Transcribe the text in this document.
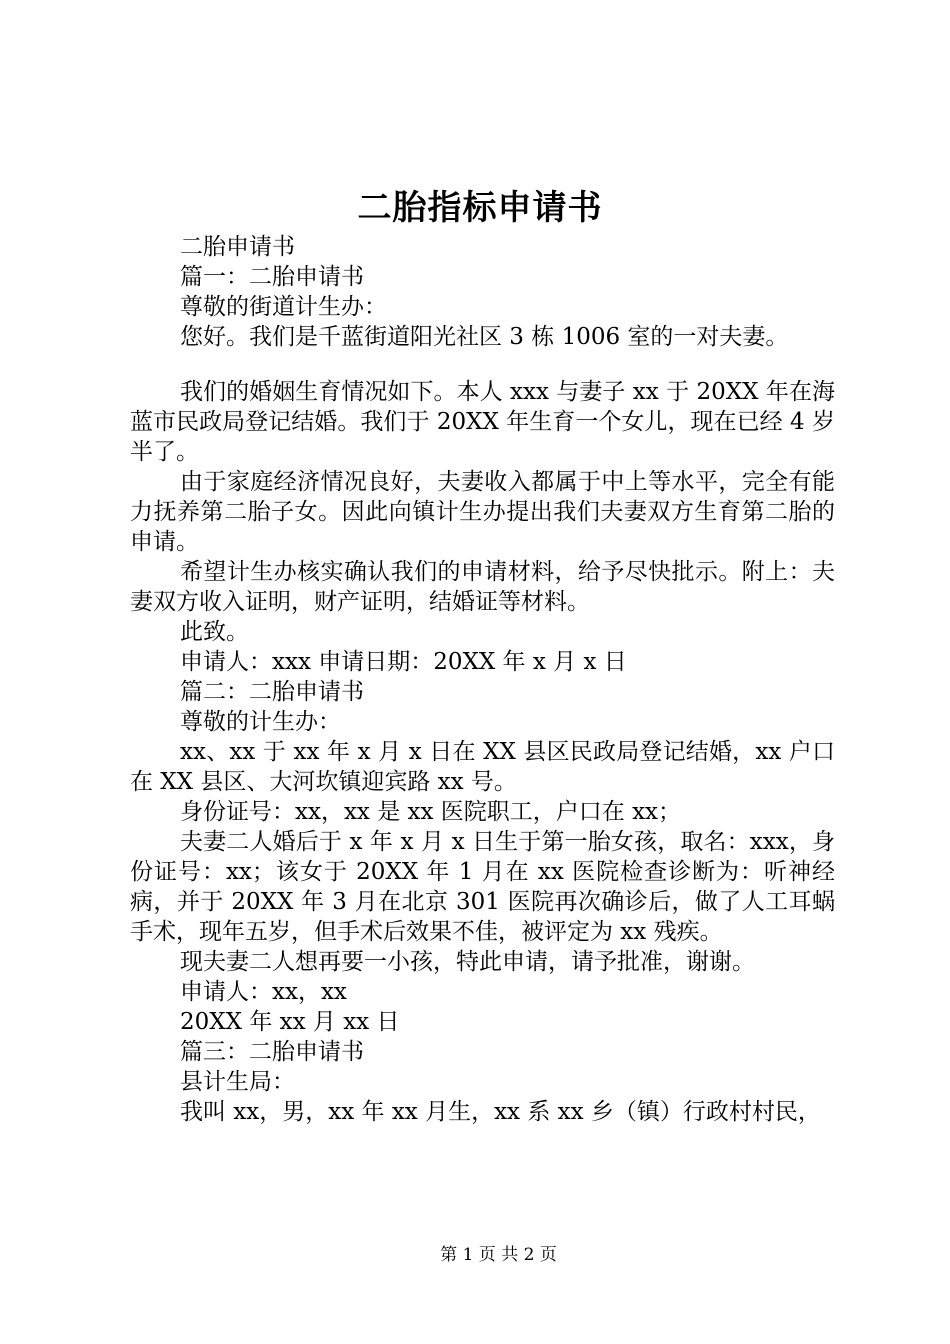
二胎指标申请书
二胎申请书
篇一：二胎申请书
尊敬的街道计生办：
您好。我们是千蓝街道阳光社区 3 栋 1006 室的一对夫妻。
我们的婚姻生育情况如下。本人 xxx 与妻子 xx 于 20XX 年在海蓝市民政局登记结婚。我们于 20XX 年生育一个女儿，现在已经 4 岁半了。
由于家庭经济情况良好，夫妻收入都属于中上等水平，完全有能力抚养第二胎子女。因此向镇计生办提出我们夫妻双方生育第二胎的申请。
希望计生办核实确认我们的申请材料，给予尽快批示。附上：夫妻双方收入证明，财产证明，结婚证等材料。
此致。
申请人：xxx 申请日期：20XX 年 x 月 x 日
篇二：二胎申请书
尊敬的计生办：
xx、xx 于 xx 年 x 月 x 日在 XX 县区民政局登记结婚，xx 户口在 XX 县区、大河坎镇迎宾路 xx 号。
身份证号：xx，xx 是 xx 医院职工，户口在 xx；
夫妻二人婚后于 x 年 x 月 x 日生于第一胎女孩，取名：xxx，身份证号：xx；该女于 20XX 年 1 月在 xx 医院检查诊断为：听神经病，并于 20XX 年 3 月在北京 301 医院再次确诊后，做了人工耳蜗手术，现年五岁，但手术后效果不佳，被评定为 xx 残疾。
现夫妻二人想再要一小孩，特此申请，请予批准，谢谢。
申请人：xx，xx
20XX 年 xx 月 xx 日
篇三：二胎申请书
县计生局：
我叫 xx，男，xx 年 xx 月生，xx 系 xx 乡（镇）行政村村民，
第 1 页 共 2 页
